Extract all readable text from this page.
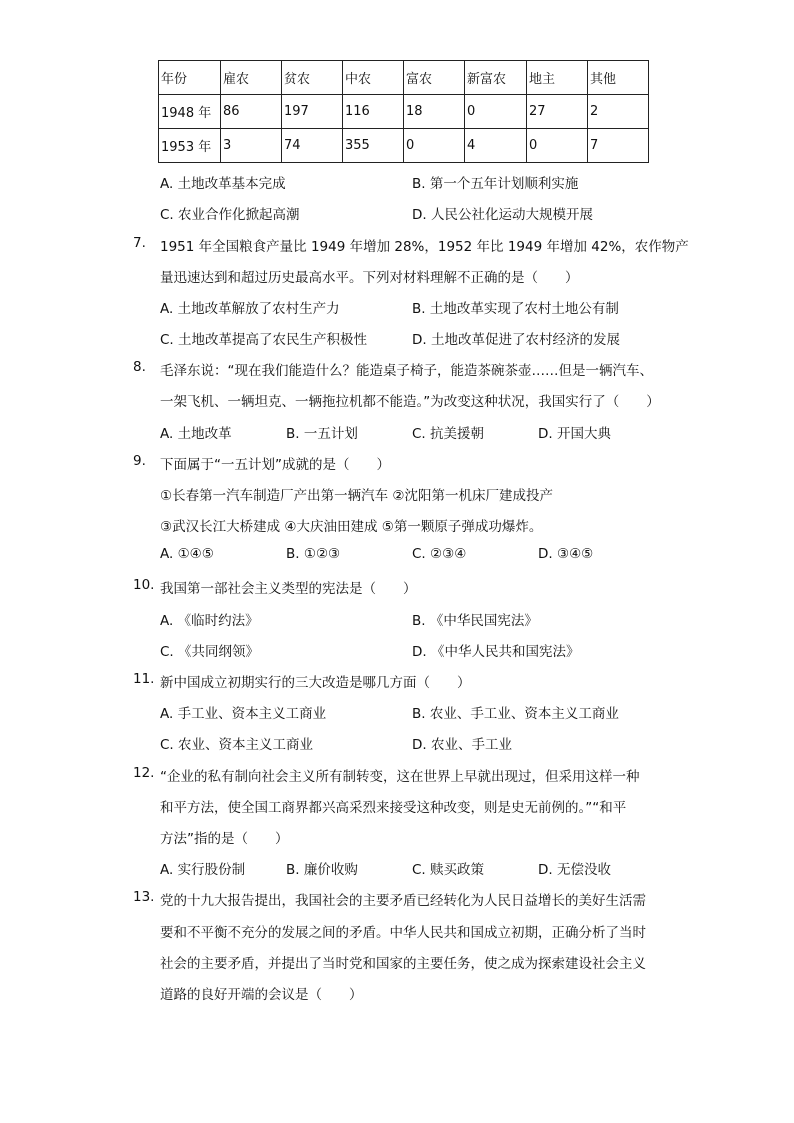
年份	雇农	贫农	中农	富农	新富农	地主	其他
1948 年	86	197	116	18	0	27	2
1953 年	3	74	355	0	4	0	7
A. 土地改革基本完成	B. 第一个五年计划顺利实施
C. 农业合作化掀起高潮	D. 人民公社化运动大规模开展
7. 1951 年全国粮食产量比 1949 年增加 28%，1952 年比 1949 年增加 42%，农作物产
量迅速达到和超过历史最高水平。下列对材料理解不正确的是（　　）
A. 土地改革解放了农村生产力	B. 土地改革实现了农村土地公有制
C. 土地改革提高了农民生产积极性	D. 土地改革促进了农村经济的发展
8. 毛泽东说：“现在我们能造什么？能造桌子椅子，能造茶碗茶壶……但是一辆汽车、
一架飞机、一辆坦克、一辆拖拉机都不能造。”为改变这种状况，我国实行了（　　）
A. 土地改革	B. 一五计划	C. 抗美援朝	D. 开国大典
9. 下面属于“一五计划”成就的是（　　）
①长春第一汽车制造厂产出第一辆汽车 ②沈阳第一机床厂建成投产
③武汉长江大桥建成 ④大庆油田建成 ⑤第一颗原子弹成功爆炸。
A. ①④⑤	B. ①②③	C. ②③④	D. ③④⑤
10. 我国第一部社会主义类型的宪法是（　　）
A. 《临时约法》	B. 《中华民国宪法》
C. 《共同纲领》	D. 《中华人民共和国宪法》
11. 新中国成立初期实行的三大改造是哪几方面（　　）
A. 手工业、资本主义工商业	B. 农业、手工业、资本主义工商业
C. 农业、资本主义工商业	D. 农业、手工业
12. “企业的私有制向社会主义所有制转变，这在世界上早就出现过，但采用这样一种
和平方法，使全国工商界都兴高采烈来接受这种改变，则是史无前例的。”“和平
方法”指的是（　　）
A. 实行股份制	B. 廉价收购	C. 赎买政策	D. 无偿没收
13. 党的十九大报告提出，我国社会的主要矛盾已经转化为人民日益增长的美好生活需
要和不平衡不充分的发展之间的矛盾。中华人民共和国成立初期，正确分析了当时
社会的主要矛盾，并提出了当时党和国家的主要任务，使之成为探索建设社会主义
道路的良好开端的会议是（　　）
